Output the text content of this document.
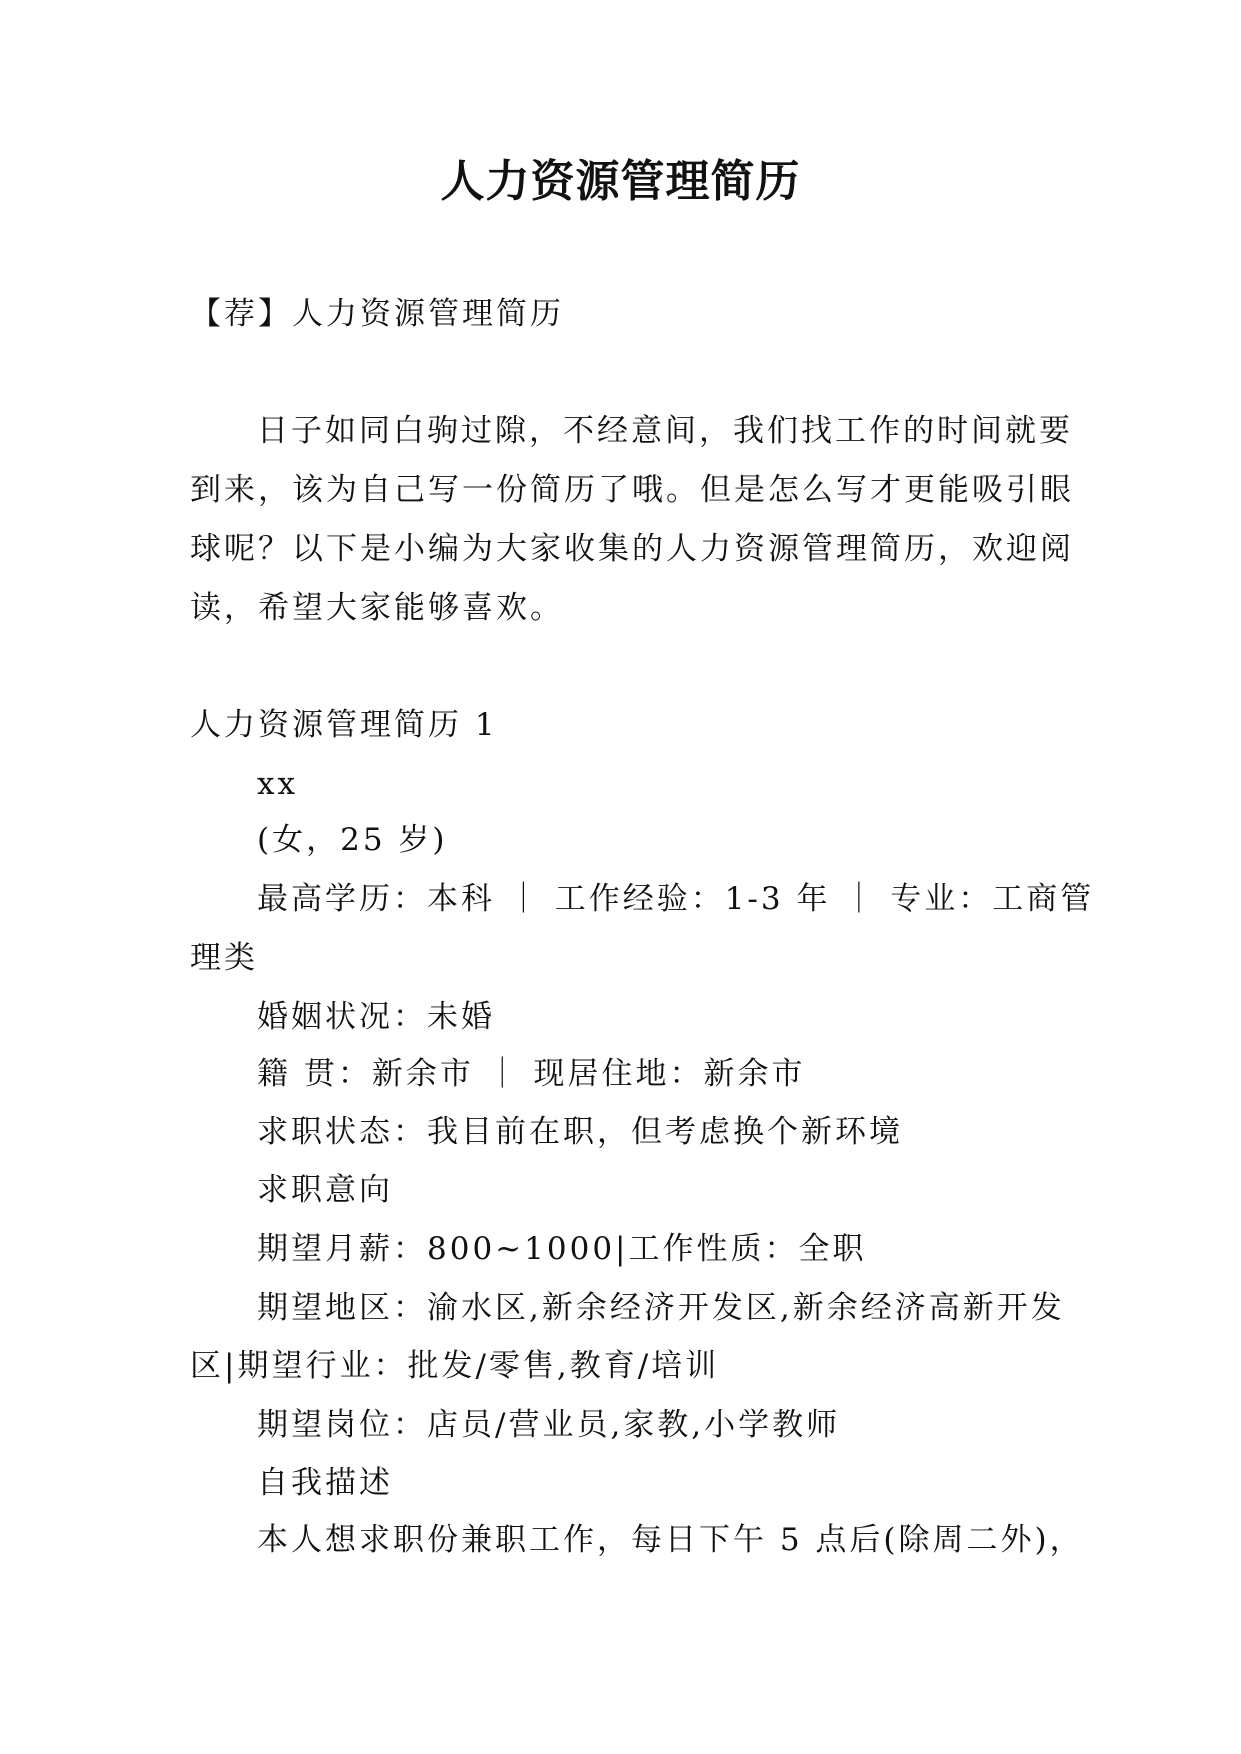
人力资源管理简历
【荐】人力资源管理简历
日子如同白驹过隙，不经意间，我们找工作的时间就要
到来，该为自己写一份简历了哦。但是怎么写才更能吸引眼
球呢？以下是小编为大家收集的人力资源管理简历，欢迎阅
读，希望大家能够喜欢。
人力资源管理简历 1
xx
(女，25 岁)
最高学历：本科 ｜ 工作经验：1-3 年 ｜ 专业：工商管
理类
婚姻状况：未婚
籍 贯：新余市 ｜ 现居住地：新余市
求职状态：我目前在职，但考虑换个新环境
求职意向
期望月薪：800~1000|工作性质：全职
期望地区：渝水区,新余经济开发区,新余经济高新开发
区|期望行业：批发/零售,教育/培训
期望岗位：店员/营业员,家教,小学教师
自我描述
本人想求职份兼职工作，每日下午 5 点后(除周二外)，
